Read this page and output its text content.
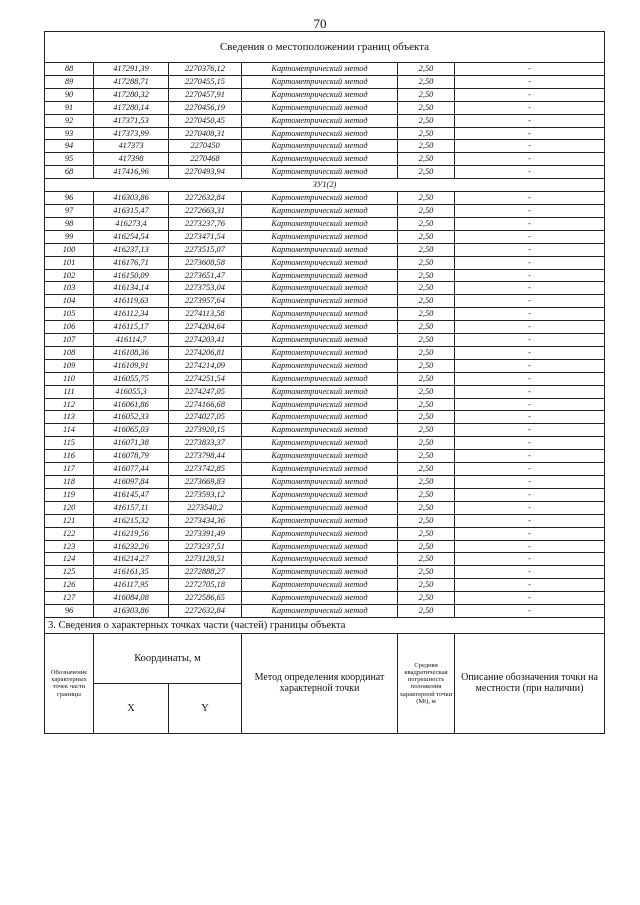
70
Сведения о местоположении границ объекта					
88	417291,39	2270376,12	Картометрический метод	2,50	-
89	417288,71	2270455,15	Картометрический метод	2,50	-
90	417280,32	2270457,91	Картометрический метод	2,50	-
91	417280,14	2270456,19	Картометрический метод	2,50	-
92	417371,53	2270450,45	Картометрический метод	2,50	-
93	417373,99	2270408,31	Картометрический метод	2,50	-
94	417373	2270450	Картометрический метод	2,50	-
95	417398	2270468	Картометрический метод	2,50	-
68	417416,96	2270493,94	Картометрический метод	2,50	-
ЗУ1(2)					
96	416303,86	2272632,84	Картометрический метод	2,50	-
97	416315,47	2272663,31	Картометрический метод	2,50	-
98	416273,4	2273237,76	Картометрический метод	2,50	-
99	416254,54	2273471,54	Картометрический метод	2,50	-
100	416237,13	2273515,07	Картометрический метод	2,50	-
101	416176,71	2273608,58	Картометрический метод	2,50	-
102	416150,09	2273651,47	Картометрический метод	2,50	-
103	416134,14	2273753,04	Картометрический метод	2,50	-
104	416119,63	2273957,64	Картометрический метод	2,50	-
105	416112,34	2274113,58	Картометрический метод	2,50	-
106	416115,17	2274204,64	Картометрический метод	2,50	-
107	416114,7	2274203,41	Картометрический метод	2,50	-
108	416108,36	2274206,81	Картометрический метод	2,50	-
109	416109,91	2274214,09	Картометрический метод	2,50	-
110	416055,75	2274251,54	Картометрический метод	2,50	-
111	416055,3	2274247,05	Картометрический метод	2,50	-
112	416061,86	2274166,68	Картометрический метод	2,50	-
113	416052,33	2274027,05	Картометрический метод	2,50	-
114	416065,03	2273920,15	Картометрический метод	2,50	-
115	416071,38	2273833,37	Картометрический метод	2,50	-
116	416078,79	2273798,44	Картометрический метод	2,50	-
117	416077,44	2273742,85	Картометрический метод	2,50	-
118	416097,84	2273669,83	Картометрический метод	2,50	-
119	416145,47	2273593,12	Картометрический метод	2,50	-
120	416157,11	2273540,2	Картометрический метод	2,50	-
121	416215,32	2273434,36	Картометрический метод	2,50	-
122	416219,56	2273391,49	Картометрический метод	2,50	-
123	416232,26	2273237,51	Картометрический метод	2,50	-
124	416214,27	2273128,51	Картометрический метод	2,50	-
125	416161,35	2272888,27	Картометрический метод	2,50	-
126	416117,95	2272705,18	Картометрический метод	2,50	-
127	416084,08	2272586,65	Картометрический метод	2,50	-
96	416303,86	2272632,84	Картометрический метод	2,50	-
3. Сведения о характерных точках части (частей) границы объекта					
Обозначение характерных точек части границы	Координаты, м		Метод определения координат характерной точки	Средняя квадратическая погрешность положения характерной точки (Mt), м	Описание обозначения точки на местности (при наличии)
	X	Y			
